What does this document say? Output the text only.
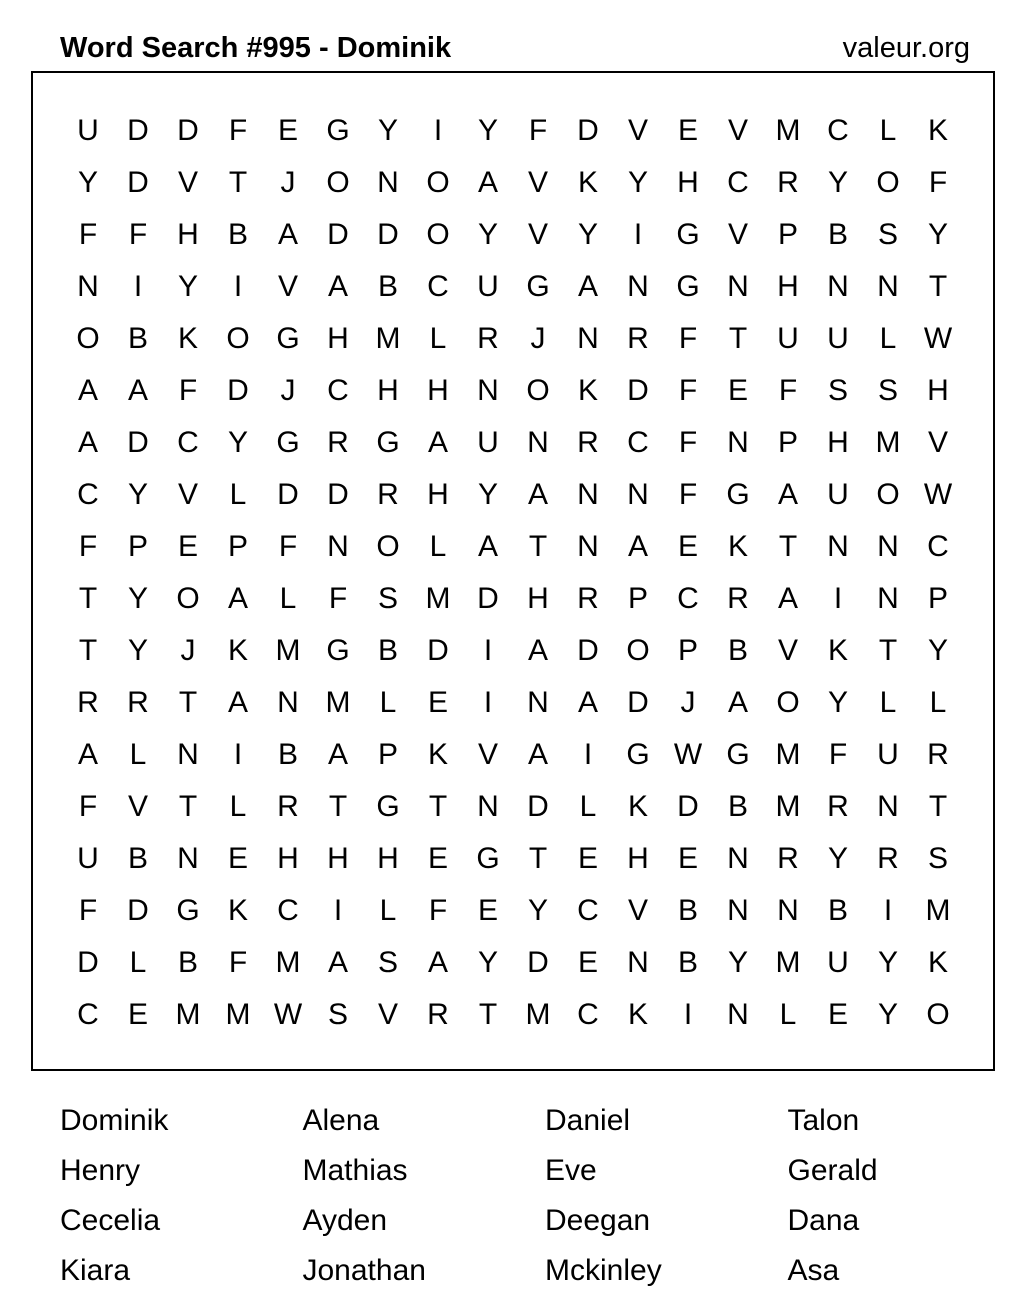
Word Search #995 - Dominik	valeur.org
U D D	F	E G Y	I	Y	F	D V E V M C	L	K
Y D V	T	J	O N O A V K Y H C R Y O F
F	F	H B A D D O Y V Y	I	G V P B S Y
N	I	Y	I	V A B C U G A N G N H N N	T
O B K O G H M L	R	J	N R	F	T	U U	L W
A A	F	D	J	C H H N O K D	F	E	F	S S H
A D C Y G R G A U N R C	F	N P H M V
C Y V	L	D D R H Y A N N	F G A U O W
F	P E P	F	N O L	A	T	N A E K	T	N N C
T	Y O A	L	F	S M D H R P C R A	I	N P
T	Y	J	K M G B D	I	A D O P B V K	T	Y
R R	T	A N M L	E	I	N A D	J	A O Y	L	L
A	L	N	I	B A P K V A	I	G W G M F	U R
F	V	T	L	R	T G T	N D	L	K D B M R N	T
U B N E H H H E G T	E H E N R Y R S
F	D G K C	I	L	F	E Y C V B N N B	I	M
D	L	B	F M A S A Y D E N B Y M U Y K
C E M M W S V R	T M C K	I	N	L	E Y O
Dominik	Alena	Daniel	Talon
Henry	Mathias	Eve	Gerald
Cecelia	Ayden	Deegan	Dana
Kiara	Jonathan	Mckinley	Asa
